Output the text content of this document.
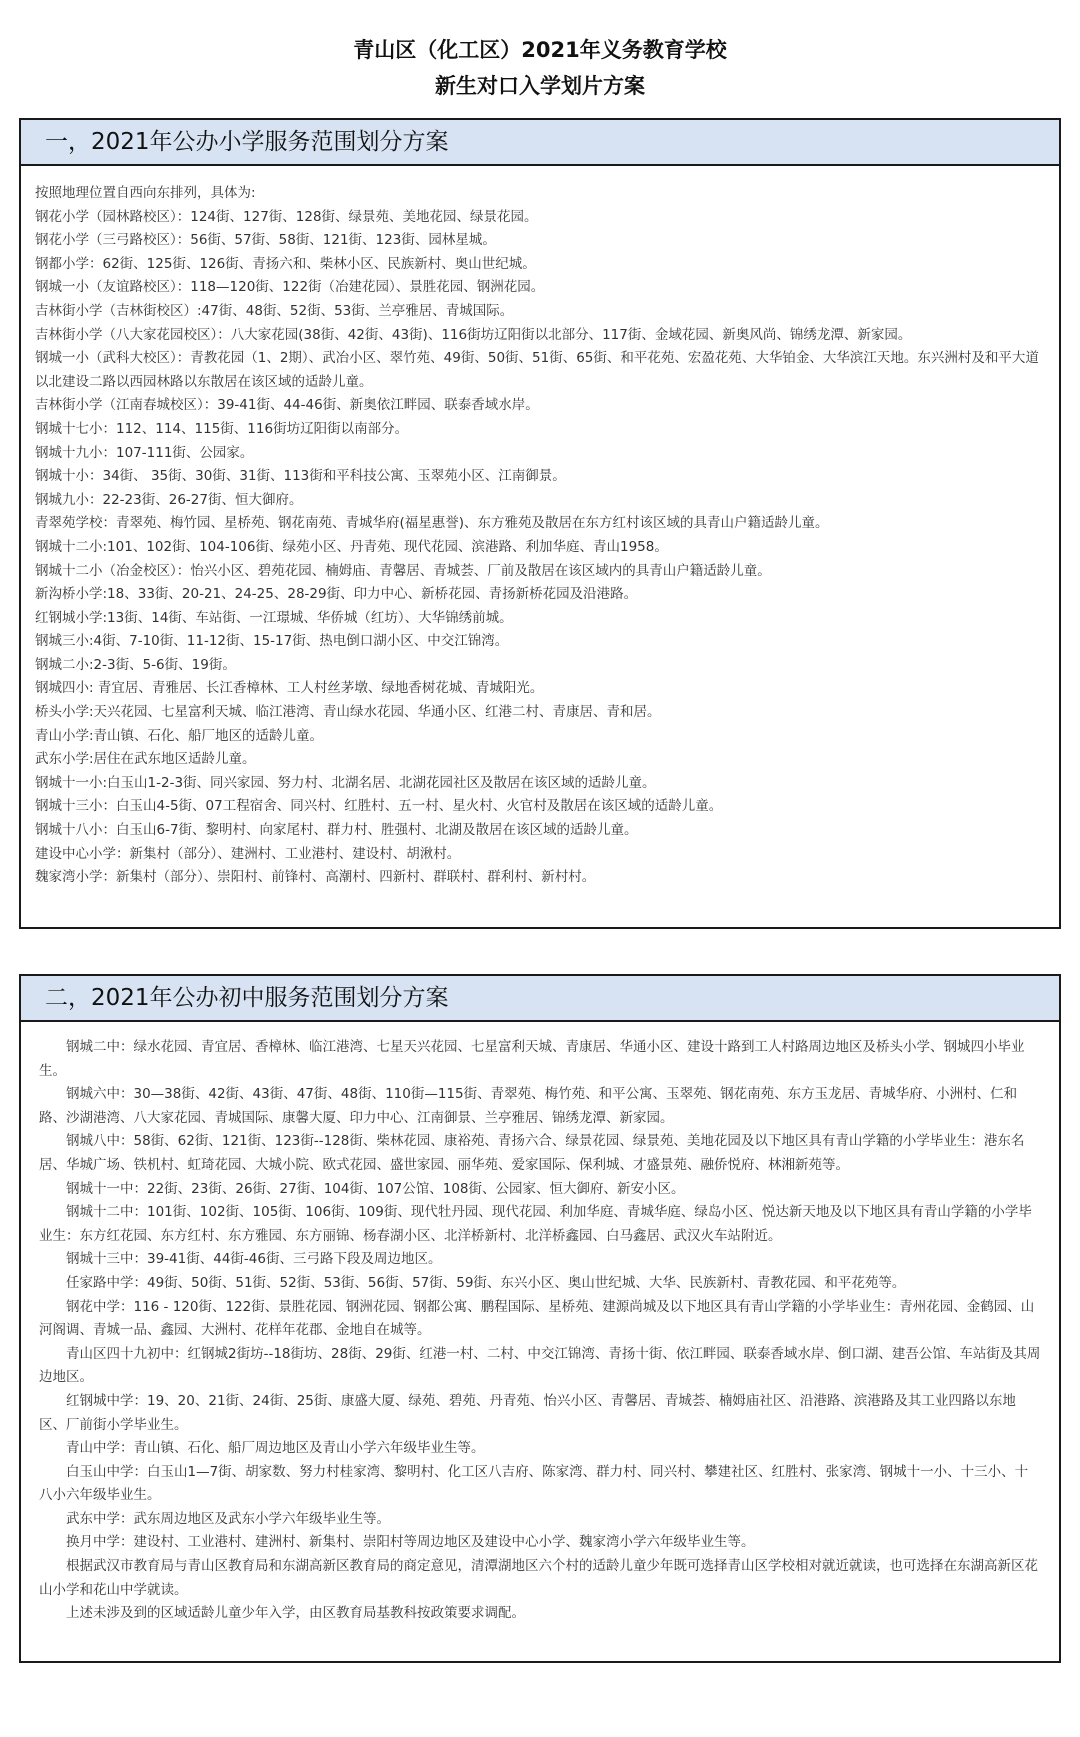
青山区（化工区）2021年义务教育学校
新生对口入学划片方案
一，2021年公办小学服务范围划分方案
按照地理位置自西向东排列，具体为:
钢花小学（园林路校区）：124街、127街、128街、绿景苑、美地花园、绿景花园。
钢花小学（三弓路校区）：56街、57街、58街、121街、123街、园林星城。
钢都小学：62街、125街、126街、青扬六和、柴林小区、民族新村、奥山世纪城。
钢城一小（友谊路校区）：118—120街、122街（冶建花园）、景胜花园、钢洲花园。
吉林街小学（吉林街校区）:47街、48街、52街、53街、兰亭雅居、青城国际。
吉林街小学（八大家花园校区）：八大家花园(38街、42街、43街)、116街坊辽阳街以北部分、117街、金域花园、新奥风尚、锦绣龙潭、新家园。
钢城一小（武科大校区）：青教花园（1、2期）、武冶小区、翠竹苑、49街、50街、51街、65街、和平花苑、宏盈花苑、大华铂金、大华滨江天地。东兴洲村及和平大道以北建设二路以西园林路以东散居在该区域的适龄儿童。
吉林街小学（江南春城校区）：39-41街、44-46街、新奥依江畔园、联泰香域水岸。
钢城十七小：112、114、115街、116街坊辽阳街以南部分。
钢城十九小：107-111街、公园家。
钢城十小：34街、 35街、30街、31街、113街和平科技公寓、玉翠苑小区、江南御景。
钢城九小：22-23街、26-27街、恒大御府。
青翠苑学校：青翠苑、梅竹园、星桥苑、钢花南苑、青城华府(福星惠誉)、东方雅苑及散居在东方红村该区域的具青山户籍适龄儿童。
钢城十二小:101、102街、104-106街、绿苑小区、丹青苑、现代花园、滨港路、利加华庭、青山1958。
钢城十二小（冶金校区）：怡兴小区、碧苑花园、楠姆庙、青馨居、青城荟、厂前及散居在该区域内的具青山户籍适龄儿童。
新沟桥小学:18、33街、20-21、24-25、28-29街、印力中心、新桥花园、青扬新桥花园及沿港路。
红钢城小学:13街、14街、车站街、一江璟城、华侨城（红坊）、大华锦绣前城。
钢城三小:4街、7-10街、11-12街、15-17街、热电倒口湖小区、中交江锦湾。
钢城二小:2-3街、5-6街、19街。
钢城四小: 青宜居、青雅居、长江香樟林、工人村丝茅墩、绿地香树花城、青城阳光。
桥头小学:天兴花园、七星富利天城、临江港湾、青山绿水花园、华通小区、红港二村、青康居、青和居。
青山小学:青山镇、石化、船厂地区的适龄儿童。
武东小学:居住在武东地区适龄儿童。
钢城十一小:白玉山1-2-3街、同兴家园、努力村、北湖名居、北湖花园社区及散居在该区域的适龄儿童。
钢城十三小：白玉山4-5街、07工程宿舍、同兴村、红胜村、五一村、星火村、火官村及散居在该区域的适龄儿童。
钢城十八小：白玉山6-7街、黎明村、向家尾村、群力村、胜强村、北湖及散居在该区域的适龄儿童。
建设中心小学：新集村（部分）、建洲村、工业港村、建设村、胡湫村。
魏家湾小学：新集村（部分）、崇阳村、前锋村、高潮村、四新村、群联村、群利村、新村村。
二，2021年公办初中服务范围划分方案
钢城二中：绿水花园、青宜居、香樟林、临江港湾、七星天兴花园、七星富利天城、青康居、华通小区、建设十路到工人村路周边地区及桥头小学、钢城四小毕业生。
钢城六中：30—38街、42街、43街、47街、48街、110街—115街、青翠苑、梅竹苑、和平公寓、玉翠苑、钢花南苑、东方玉龙居、青城华府、小洲村、仁和路、沙湖港湾、八大家花园、青城国际、康馨大厦、印力中心、江南御景、兰亭雅居、锦绣龙潭、新家园。
钢城八中：58街、62街、121街、123街--128街、柴林花园、康裕苑、青扬六合、绿景花园、绿景苑、美地花园及以下地区具有青山学籍的小学毕业生：港东名居、华城广场、铁机村、虹琦花园、大城小院、欧式花园、盛世家园、丽华苑、爱家国际、保利城、才盛景苑、融侨悦府、林湘新苑等。
钢城十一中：22街、23街、26街、27街、104街、107公馆、108街、公园家、恒大御府、新安小区。
钢城十二中：101街、102街、105街、106街、109街、现代牡丹园、现代花园、利加华庭、青城华庭、绿岛小区、悦达新天地及以下地区具有青山学籍的小学毕业生：东方红花园、东方红村、东方雅园、东方丽锦、杨春湖小区、北洋桥新村、北洋桥鑫园、白马鑫居、武汉火车站附近。
钢城十三中：39-41街、44街-46街、三弓路下段及周边地区。
任家路中学：49街、50街、51街、52街、53街、56街、57街、59街、东兴小区、奥山世纪城、大华、民族新村、青教花园、和平花苑等。
钢花中学：116 - 120街、122街、景胜花园、钢洲花园、钢都公寓、鹏程国际、星桥苑、建源尚城及以下地区具有青山学籍的小学毕业生：青州花园、金鹤园、山河阁调、青城一品、鑫园、大洲村、花样年花郡、金地自在城等。
青山区四十九初中：红钢城2街坊--18街坊、28街、29街、红港一村、二村、中交江锦湾、青扬十街、依江畔园、联泰香域水岸、倒口湖、建吾公馆、车站街及其周边地区。
红钢城中学：19、20、21街、24街、25街、康盛大厦、绿苑、碧苑、丹青苑、怡兴小区、青馨居、青城荟、楠姆庙社区、沿港路、滨港路及其工业四路以东地区、厂前街小学毕业生。
青山中学：青山镇、石化、船厂周边地区及青山小学六年级毕业生等。
白玉山中学：白玉山1—7街、胡家数、努力村桂家湾、黎明村、化工区八吉府、陈家湾、群力村、同兴村、攀建社区、红胜村、张家湾、钢城十一小、十三小、十八小六年级毕业生。
武东中学：武东周边地区及武东小学六年级毕业生等。
换月中学：建设村、工业港村、建洲村、新集村、崇阳村等周边地区及建设中心小学、魏家湾小学六年级毕业生等。
根据武汉市教育局与青山区教育局和东湖高新区教育局的商定意见，清潭湖地区六个村的适龄儿童少年既可选择青山区学校相对就近就读，也可选择在东湖高新区花山小学和花山中学就读。
上述未涉及到的区域适龄儿童少年入学，由区教育局基教科按政策要求调配。
